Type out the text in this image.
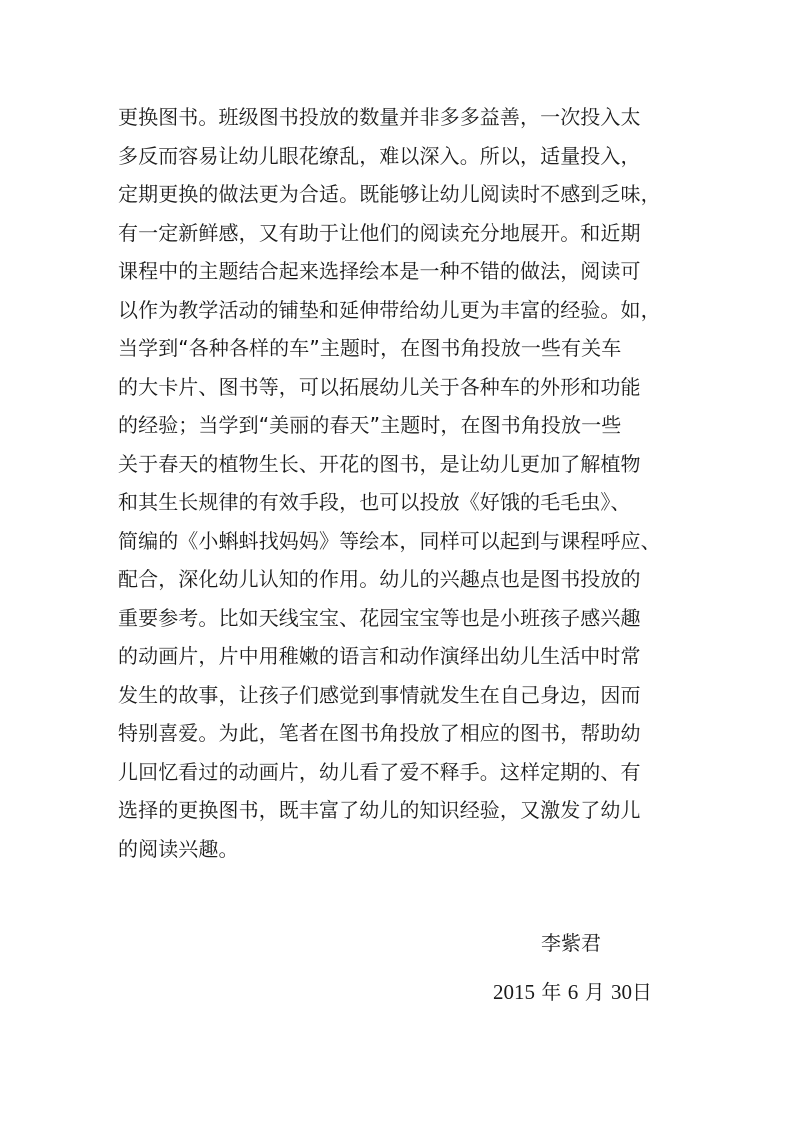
更换图书。班级图书投放的数量并非多多益善，一次投入太
多反而容易让幼儿眼花缭乱，难以深入。所以，适量投入，
定期更换的做法更为合适。既能够让幼儿阅读时不感到乏味，
有一定新鲜感，又有助于让他们的阅读充分地展开。和近期
课程中的主题结合起来选择绘本是一种不错的做法，阅读可
以作为教学活动的铺垫和延伸带给幼儿更为丰富的经验。如，
当学到“各种各样的车”主题时，在图书角投放一些有关车
的大卡片、图书等，可以拓展幼儿关于各种车的外形和功能
的经验；当学到“美丽的春天”主题时，在图书角投放一些
关于春天的植物生长、开花的图书，是让幼儿更加了解植物
和其生长规律的有效手段，也可以投放《好饿的毛毛虫》、
简编的《小蝌蚪找妈妈》等绘本，同样可以起到与课程呼应、
配合，深化幼儿认知的作用。幼儿的兴趣点也是图书投放的
重要参考。比如天线宝宝、花园宝宝等也是小班孩子感兴趣
的动画片，片中用稚嫩的语言和动作演绎出幼儿生活中时常
发生的故事，让孩子们感觉到事情就发生在自己身边，因而
特别喜爱。为此，笔者在图书角投放了相应的图书，帮助幼
儿回忆看过的动画片，幼儿看了爱不释手。这样定期的、有
选择的更换图书，既丰富了幼儿的知识经验，又激发了幼儿
的阅读兴趣。
李紫君
2015 年 6 月 30日
